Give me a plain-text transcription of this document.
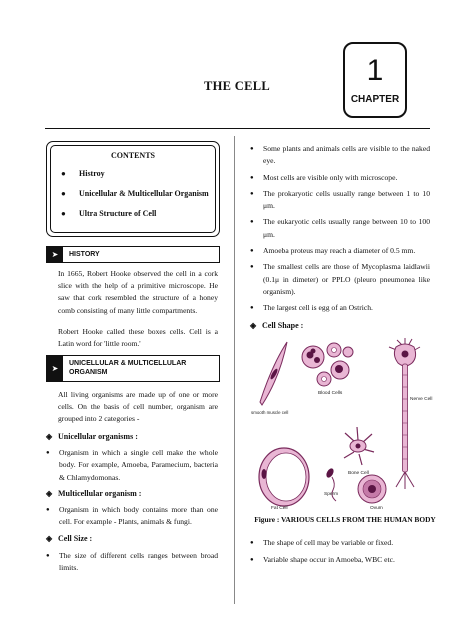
THE CELL	1
CHAPTER
CONTENTS
● Histroy
● Unicellular & Multicellular Organism
● Ultra Structure of Cell
➤	HISTORY

In 1665, Robert Hooke observed the cell in a cork slice with the help of a primitive microscope. He saw that cork resembled the structure of a honey comb consisting of many little compartments.

Robert Hooke called these boxes cells. Cell is a Latin word for 'little room.'

➤
UNICELLULAR & MULTICELLULAR
ORGANISM

All living organisms are made up of one or more cells. On the basis of cell number, organism are grouped into 2 categories -

◈ Unicellular organisms :
● Organism in which a single cell make the whole body. For example, Amoeba, Paramecium, bacteria & Chlamydomonas.
◈ Multicellular organism :
● Organism in which body contains more than one cell. For example - Plants, animals & fungi.
◈ Cell Size :
● The size of different cells ranges between broad limits.
● Some plants and animals cells are visible to the naked eye.
● Most cells are visible only with microscope.
● The prokaryotic cells usually range between 1 to 10 μm.
● The eukaryotic cells usually range between 10 to 100 μm.
● Amoeba proteus may reach a diameter of 0.5 mm.
● The smallest cells are those of Mycoplasma laidlawii (0.1μ in dimeter) or PPLO (pleuro pneumonea like organism).
● The largest cell is egg of an Ostrich.
◈ Cell Shape :
Blood Cells
Nerve Cell
Bone Cell
Sperm
Ovum
Fat Cell
smooth muscle cell
Figure : VARIOUS CELLS FROM THE HUMAN BODY
● The shape of cell may be variable or fixed.
● Variable shape occur in Amoeba, WBC etc.
